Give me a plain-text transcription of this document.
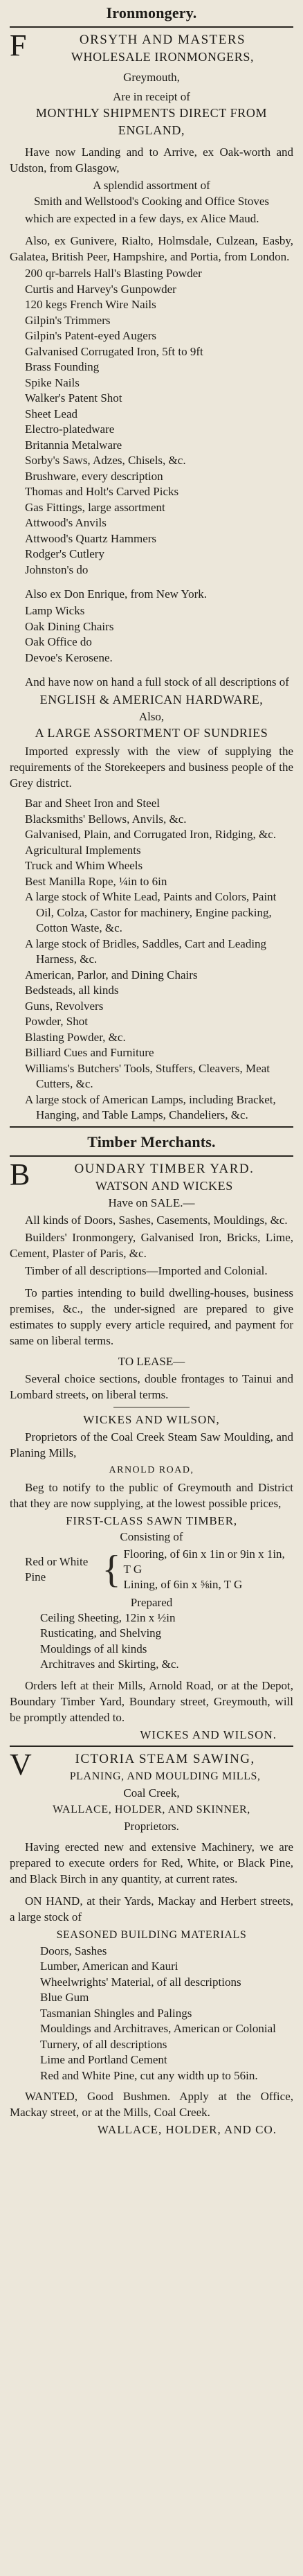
Ironmongery.
F	ORSYTH AND MASTERS
WHOLESALE IRONMONGERS,
Greymouth,
Are in receipt of
MONTHLY SHIPMENTS DIRECT FROM
ENGLAND,
Have now Landing and to Arrive, ex Oak-worth and Udston, from Glasgow,
A splendid assortment of
Smith and Wellstood's Cooking and Office Stoves
which are expected in a few days, ex Alice Maud.
Also, ex Gunivere, Rialto, Holmsdale, Culzean, Easby, Galatea, British Peer, Hampshire, and Portia, from London.
200 qr-barrels Hall's Blasting Powder
Curtis and Harvey's Gunpowder
120 kegs French Wire Nails
Gilpin's Trimmers
Gilpin's Patent-eyed Augers
Galvanised Corrugated Iron, 5ft to 9ft
Brass Founding
Spike Nails
Walker's Patent Shot
Sheet Lead
Electro-platedware
Britannia Metalware
Sorby's Saws, Adzes, Chisels, &c.
Brushware, every description
Thomas and Holt's Carved Picks
Gas Fittings, large assortment
Attwood's Anvils
Attwood's Quartz Hammers
Rodger's Cutlery
Johnston's do
Also ex Don Enrique, from New York.
Lamp Wicks
Oak Dining Chairs
Oak Office do
Devoe's Kerosene.
And have now on hand a full stock of all descriptions of
ENGLISH & AMERICAN HARDWARE,
Also,
A LARGE ASSORTMENT OF SUNDRIES
Imported expressly with the view of supplying the requirements of the Storekeepers and business people of the Grey district.
Bar and Sheet Iron and Steel
Blacksmiths' Bellows, Anvils, &c.
Galvanised, Plain, and Corrugated Iron, Ridging, &c.
Agricultural Implements
Truck and Whim Wheels
Best Manilla Rope, ¼in to 6in
A large stock of White Lead, Paints and Colors, Paint Oil, Colza, Castor for machinery, Engine packing, Cotton Waste, &c.
A large stock of Bridles, Saddles, Cart and Leading Harness, &c.
American, Parlor, and Dining Chairs
Bedsteads, all kinds
Guns, Revolvers
Powder, Shot
Blasting Powder, &c.
Billiard Cues and Furniture
Williams's Butchers' Tools, Stuffers, Cleavers, Meat Cutters, &c.
A large stock of American Lamps, including Bracket, Hanging, and Table Lamps, Chandeliers, &c.
Timber Merchants.
B	OUNDARY TIMBER YARD.
WATSON AND WICKES
Have on SALE.—
All kinds of Doors, Sashes, Casements, Mouldings, &c.
Builders' Ironmongery, Galvanised Iron, Bricks, Lime, Cement, Plaster of Paris, &c.
Timber of all descriptions—Imported and Colonial.
To parties intending to build dwelling-houses, business premises, &c., the under-signed are prepared to give estimates to supply every article required, and payment for same on liberal terms.
TO LEASE—
Several choice sections, double frontages to Tainui and Lombard streets, on liberal terms.
WICKES AND WILSON,
Proprietors of the Coal Creek Steam Saw Moulding, and Planing Mills,
ARNOLD ROAD,
Beg to notify to the public of Greymouth and District that they are now supplying, at the lowest possible prices,
FIRST-CLASS SAWN TIMBER,
Consisting of
Red or White Pine	{ Flooring, of 6in x 1in or 9in x 1in, T G
Lining, of 6in x ⅝in, T G
Prepared
Ceiling Sheeting, 12in x ½in
Rusticating, and Shelving
Mouldings of all kinds
Architraves and Skirting, &c.
Orders left at their Mills, Arnold Road, or at the Depot, Boundary Timber Yard, Boundary street, Greymouth, will be promptly attended to.
WICKES AND WILSON.
V	ICTORIA STEAM SAWING,
PLANING, AND MOULDING MILLS,
Coal Creek,
WALLACE, HOLDER, AND SKINNER,
Proprietors.
Having erected new and extensive Machinery, we are prepared to execute orders for Red, White, or Black Pine, and Black Birch in any quantity, at current rates.
ON HAND, at their Yards, Mackay and Herbert streets, a large stock of
SEASONED BUILDING MATERIALS
Doors, Sashes
Lumber, American and Kauri
Wheelwrights' Material, of all descriptions
Blue Gum
Tasmanian Shingles and Palings
Mouldings and Architraves, American or Colonial
Turnery, of all descriptions
Lime and Portland Cement
Red and White Pine, cut any width up to 56in.
WANTED, Good Bushmen. Apply at the Office, Mackay street, or at the Mills, Coal Creek.
WALLACE, HOLDER, AND CO.
